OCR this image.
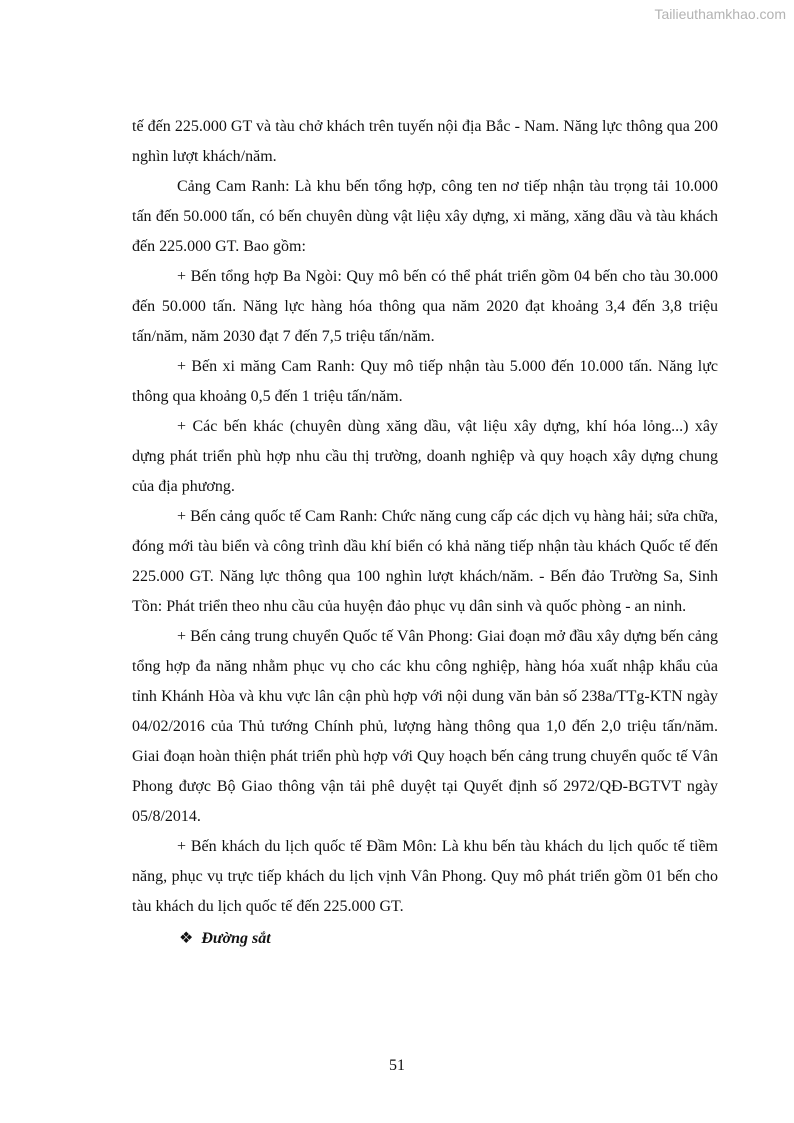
Tailieuthamkhao.com

tế đến 225.000 GT và tàu chở khách trên tuyến nội địa Bắc - Nam. Năng lực thông qua 200 nghìn lượt khách/năm.

Cảng Cam Ranh: Là khu bến tổng hợp, công ten nơ tiếp nhận tàu trọng tải 10.000 tấn đến 50.000 tấn, có bến chuyên dùng vật liệu xây dựng, xi măng, xăng dầu và tàu khách đến 225.000 GT. Bao gồm:

+ Bến tổng hợp Ba Ngòi: Quy mô bến có thể phát triển gồm 04 bến cho tàu 30.000 đến 50.000 tấn. Năng lực hàng hóa thông qua năm 2020 đạt khoảng 3,4 đến 3,8 triệu tấn/năm, năm 2030 đạt 7 đến 7,5 triệu tấn/năm.

+ Bến xi măng Cam Ranh: Quy mô tiếp nhận tàu 5.000 đến 10.000 tấn. Năng lực thông qua khoảng 0,5 đến 1 triệu tấn/năm.

+ Các bến khác (chuyên dùng xăng dầu, vật liệu xây dựng, khí hóa lỏng...) xây dựng phát triển phù hợp nhu cầu thị trường, doanh nghiệp và quy hoạch xây dựng chung của địa phương.

+ Bến cảng quốc tế Cam Ranh: Chức năng cung cấp các dịch vụ hàng hải; sửa chữa, đóng mới tàu biển và công trình dầu khí biển có khả năng tiếp nhận tàu khách Quốc tế đến 225.000 GT. Năng lực thông qua 100 nghìn lượt khách/năm. - Bến đảo Trường Sa, Sinh Tồn: Phát triển theo nhu cầu của huyện đảo phục vụ dân sinh và quốc phòng - an ninh.

+ Bến cảng trung chuyển Quốc tế Vân Phong: Giai đoạn mở đầu xây dựng bến cảng tổng hợp đa năng nhằm phục vụ cho các khu công nghiệp, hàng hóa xuất nhập khẩu của tỉnh Khánh Hòa và khu vực lân cận phù hợp với nội dung văn bản số 238a/TTg-KTN ngày 04/02/2016 của Thủ tướng Chính phủ, lượng hàng thông qua 1,0 đến 2,0 triệu tấn/năm. Giai đoạn hoàn thiện phát triển phù hợp với Quy hoạch bến cảng trung chuyển quốc tế Vân Phong được Bộ Giao thông vận tải phê duyệt tại Quyết định số 2972/QĐ-BGTVT ngày 05/8/2014.

+ Bến khách du lịch quốc tế Đầm Môn: Là khu bến tàu khách du lịch quốc tế tiềm năng, phục vụ trực tiếp khách du lịch vịnh Vân Phong. Quy mô phát triển gồm 01 bến cho tàu khách du lịch quốc tế đến 225.000 GT.

❖ Đường sắt

51
